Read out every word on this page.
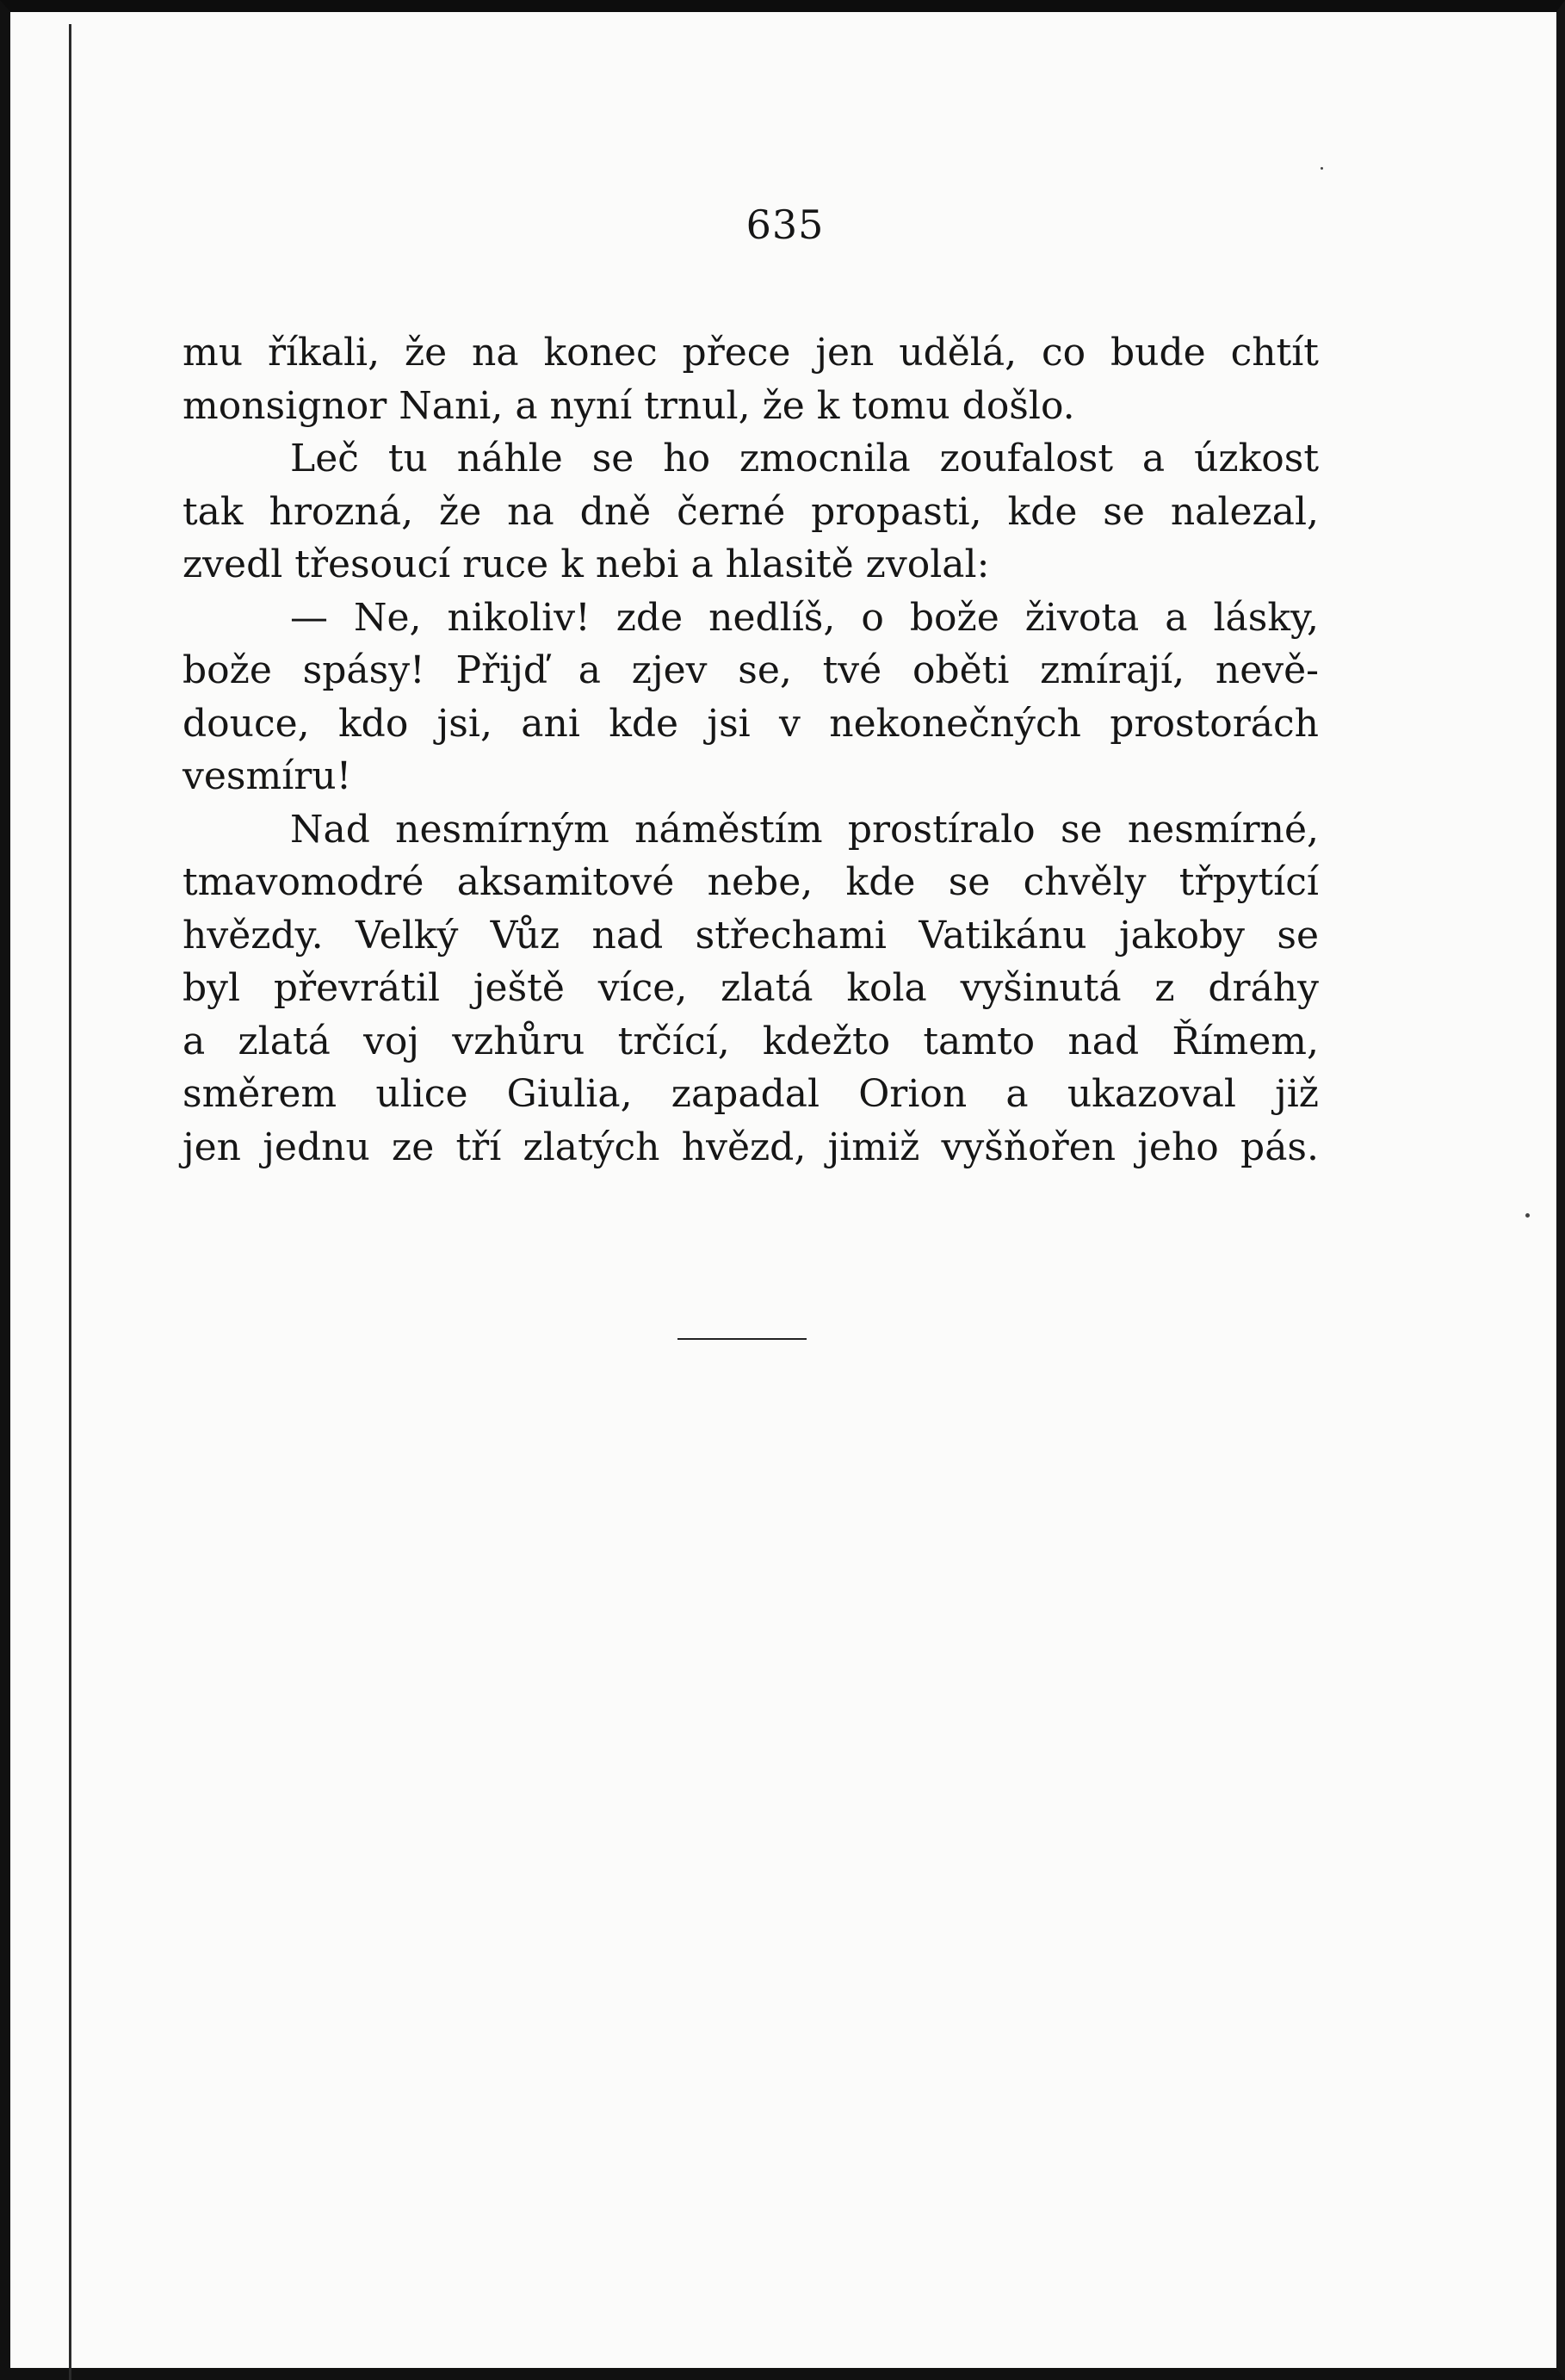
635
mu říkali, že na konec přece jen udělá, co bude chtít
monsignor Nani, a nyní trnul, že k tomu došlo.
Leč tu náhle se ho zmocnila zoufalost a úzkost
tak hrozná, že na dně černé propasti, kde se nalezal,
zvedl třesoucí ruce k nebi a hlasitě zvolal:
— Ne, nikoliv! zde nedlíš, o bože života a lásky,
bože spásy! Přijď a zjev se, tvé oběti zmírají, nevě-
douce, kdo jsi, ani kde jsi v nekonečných prostorách
vesmíru!
Nad nesmírným náměstím prostíralo se nesmírné,
tmavomodré aksamitové nebe, kde se chvěly třpytící
hvězdy. Velký Vůz nad střechami Vatikánu jakoby se
byl převrátil ještě více, zlatá kola vyšinutá z dráhy
a zlatá voj vzhůru trčící, kdežto tamto nad Římem,
směrem ulice Giulia, zapadal Orion a ukazoval již
jen jednu ze tří zlatých hvězd, jimiž vyšňořen jeho pás.
